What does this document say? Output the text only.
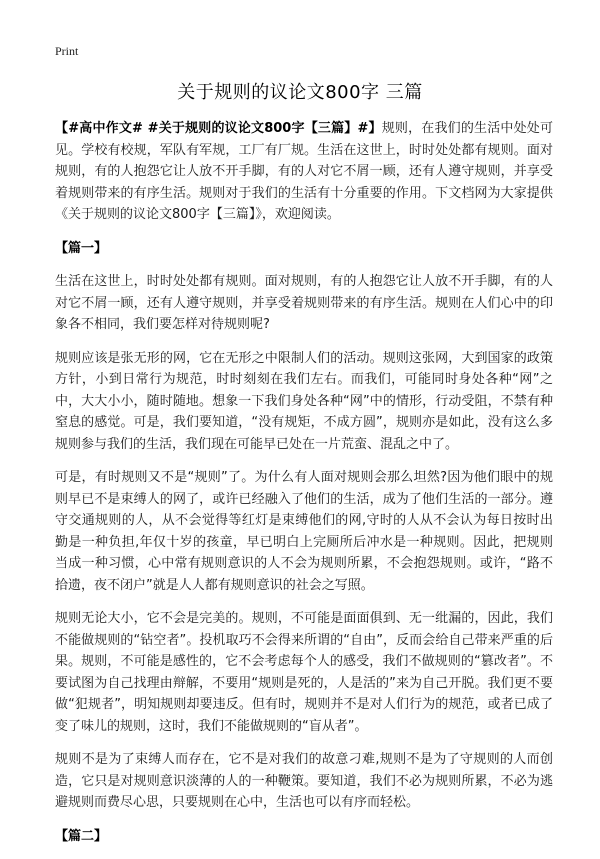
Print
关于规则的议论文800字 三篇

【#高中作文# #关于规则的议论文800字【三篇】#】规则，在我们的生活中处处可见。学校有校规，军队有军规，工厂有厂规。生活在这世上，时时处处都有规则。面对规则，有的人抱怨它让人放不开手脚，有的人对它不屑一顾，还有人遵守规则，并享受着规则带来的有序生活。规则对于我们的生活有十分重要的作用。下文档网为大家提供《关于规则的议论文800字【三篇】》，欢迎阅读。

【篇一】

生活在这世上，时时处处都有规则。面对规则，有的人抱怨它让人放不开手脚，有的人对它不屑一顾，还有人遵守规则，并享受着规则带来的有序生活。规则在人们心中的印象各不相同，我们要怎样对待规则呢?

规则应该是张无形的网，它在无形之中限制人们的活动。规则这张网，大到国家的政策方针，小到日常行为规范，时时刻刻在我们左右。而我们，可能同时身处各种“网”之中，大大小小，随时随地。想象一下我们身处各种“网”中的情形，行动受阻，不禁有种窒息的感觉。可是，我们要知道，“没有规矩，不成方圆”，规则亦是如此，没有这么多规则参与我们的生活，我们现在可能早已处在一片荒蛮、混乱之中了。

可是，有时规则又不是“规则”了。为什么有人面对规则会那么坦然?因为他们眼中的规则早已不是束缚人的网了，或许已经融入了他们的生活，成为了他们生活的一部分。遵守交通规则的人，从不会觉得等红灯是束缚他们的网,守时的人从不会认为每日按时出勤是一种负担,年仅十岁的孩童，早已明白上完厕所后冲水是一种规则。因此，把规则当成一种习惯，心中常有规则意识的人不会为规则所累，不会抱怨规则。或许，“路不拾遗，夜不闭户”就是人人都有规则意识的社会之写照。

规则无论大小，它不会是完美的。规则，不可能是面面俱到、无一纰漏的，因此，我们不能做规则的“钻空者”。投机取巧不会得来所谓的“自由”，反而会给自己带来严重的后果。规则，不可能是感性的，它不会考虑每个人的感受，我们不做规则的“篡改者”。不要试图为自己找理由辩解，不要用“规则是死的，人是活的”来为自己开脱。我们更不要做“犯规者”，明知规则却要违反。但有时，规则并不是对人们行为的规范，或者已成了变了味儿的规则，这时，我们不能做规则的“盲从者”。

规则不是为了束缚人而存在，它不是对我们的故意刁难,规则不是为了守规则的人而创造，它只是对规则意识淡薄的人的一种鞭策。要知道，我们不必为规则所累，不必为逃避规则而费尽心思，只要规则在心中，生活也可以有序而轻松。

【篇二】
